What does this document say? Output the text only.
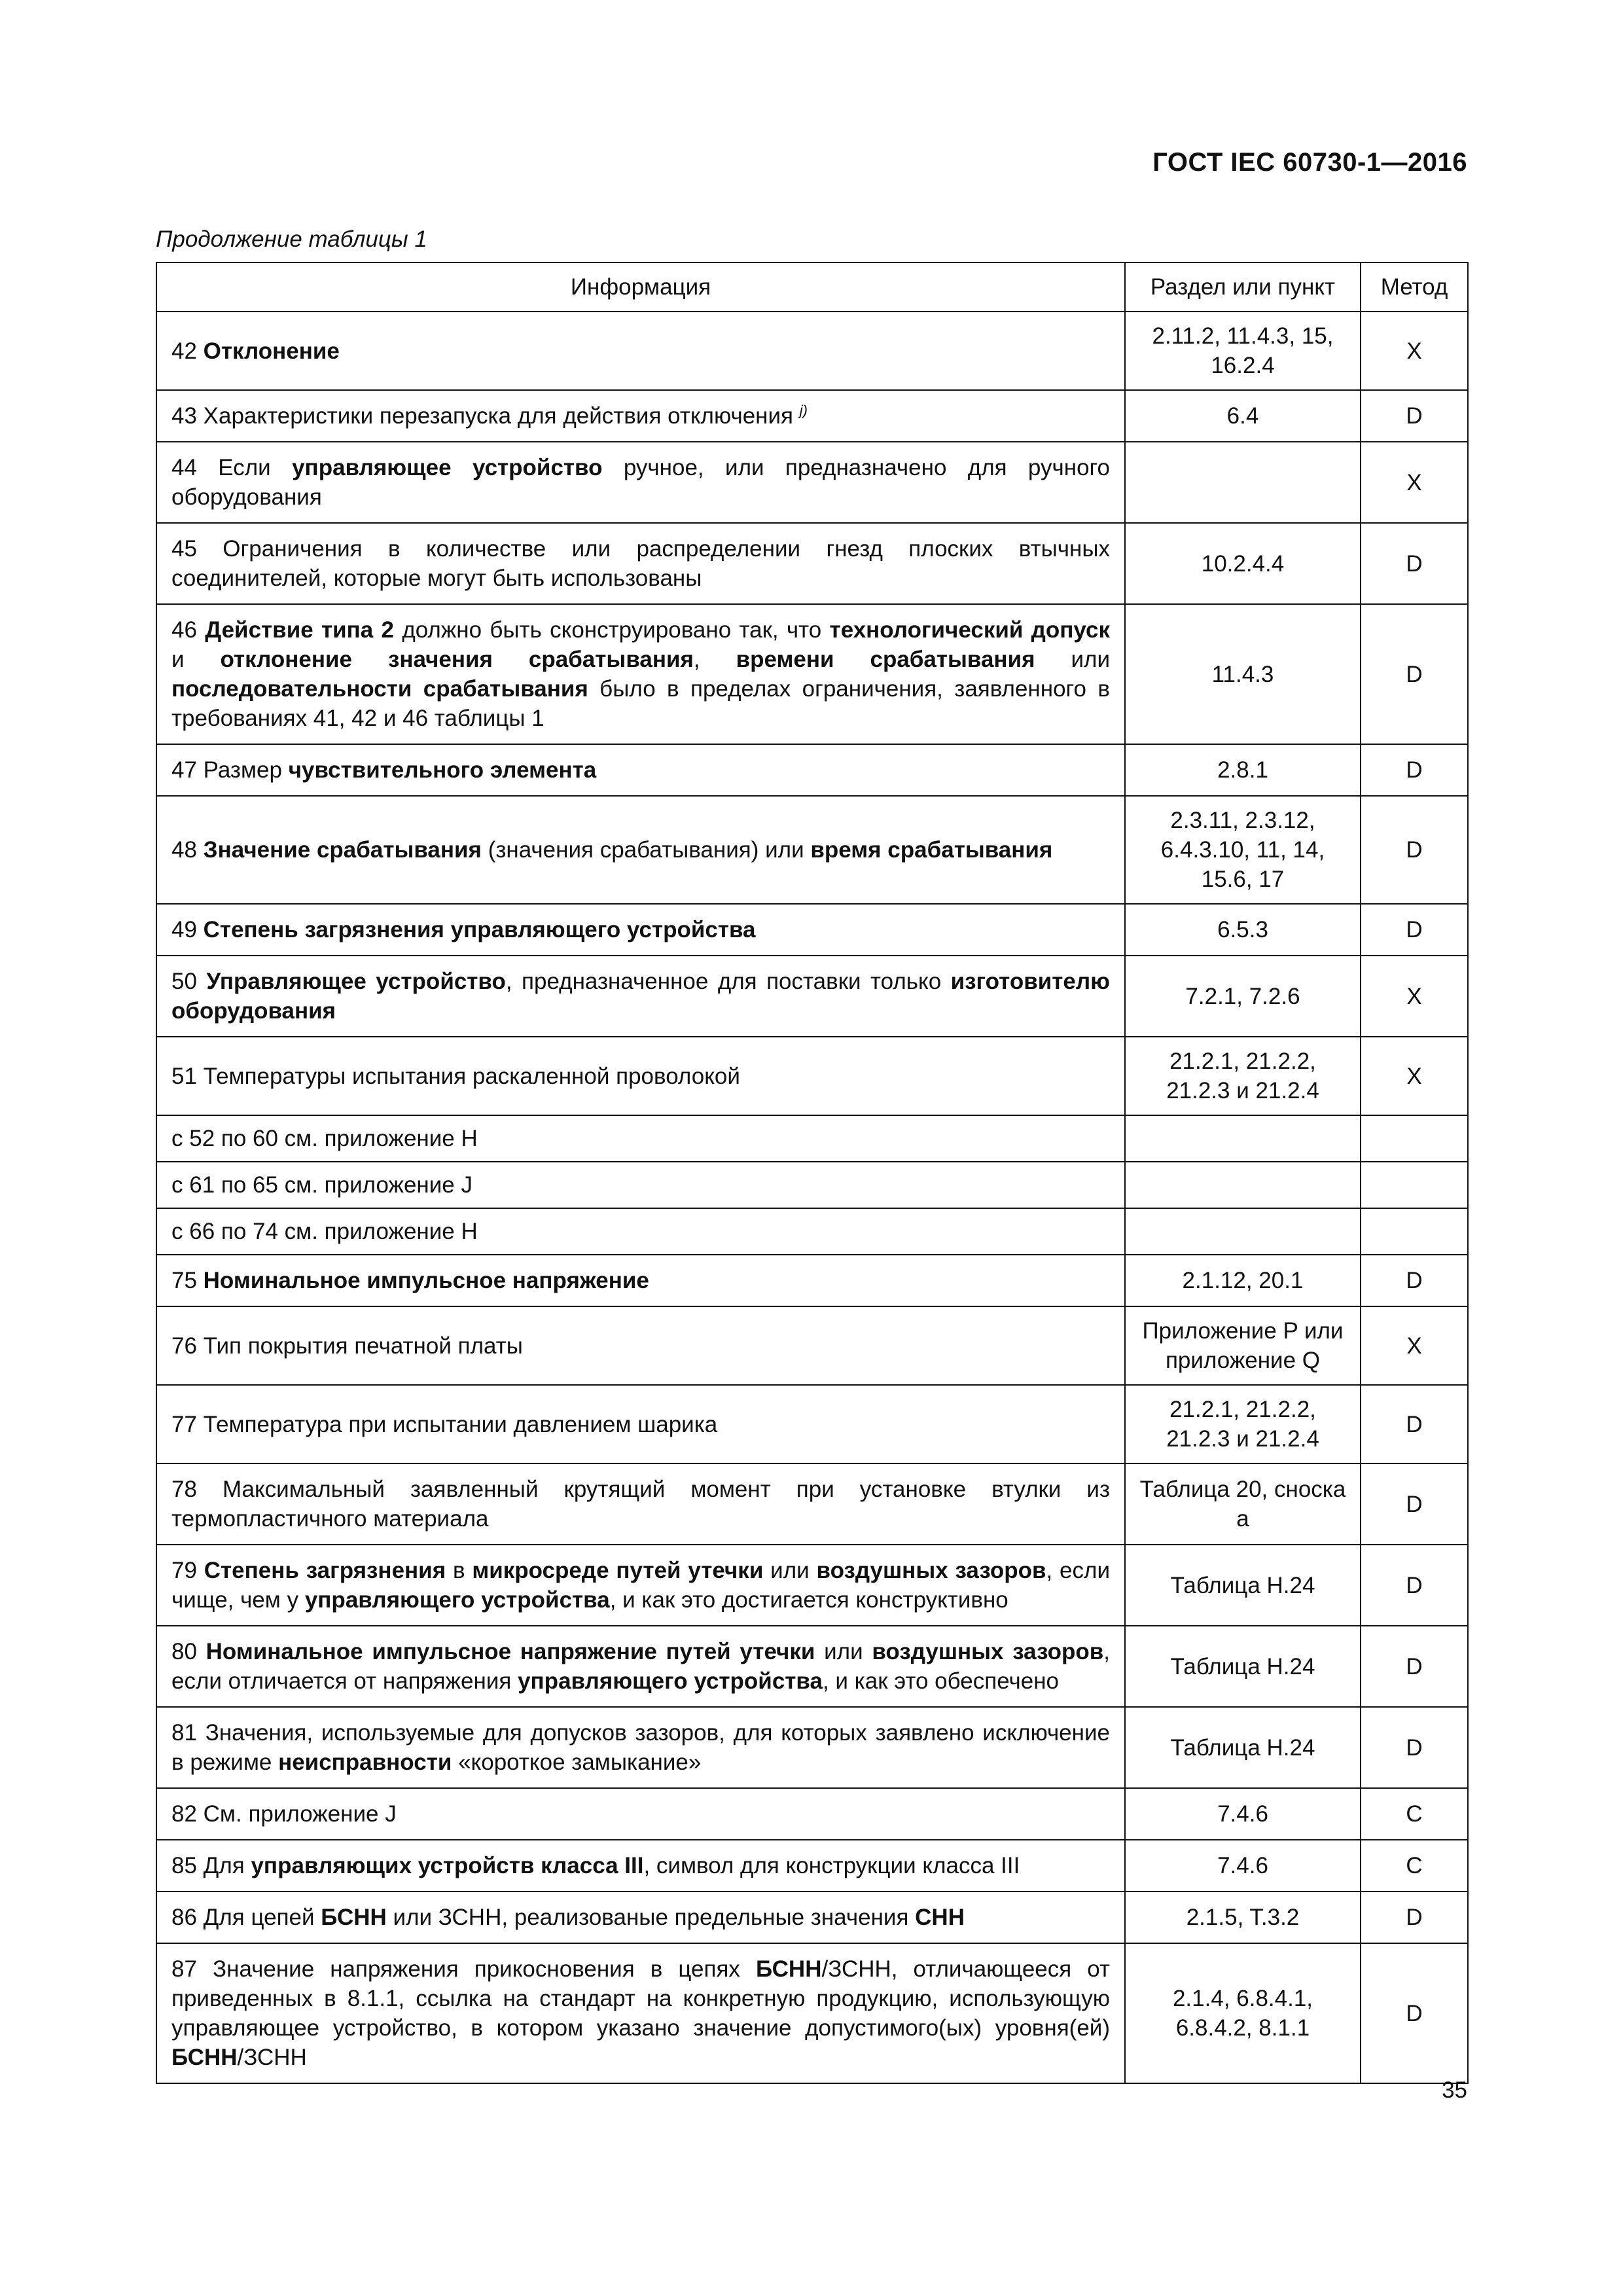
ГОСТ IEC 60730-1—2016
Продолжение таблицы 1
Информация	Раздел или пункт	Метод
42 Отклонение	2.11.2, 11.4.3, 15, 16.2.4	X
43 Характеристики перезапуска для действия отключения $^{j)}$	6.4	D
44 Если управляющее устройство ручное, или предназначено для ручного оборудования		X
45 Ограничения в количестве или распределении гнезд плоских втычных соединителей, которые могут быть использованы	10.2.4.4	D
46 Действие типа 2 должно быть сконструировано так, что технологический допуск и отклонение значения срабатывания, времени срабатывания или последовательности срабатывания было в пределах ограничения, заявленного в требованиях 41, 42 и 46 таблицы 1	11.4.3	D
47 Размер чувствительного элемента	2.8.1	D
48 Значение срабатывания (значения срабатывания) или время срабатывания	2.3.11, 2.3.12, 6.4.3.10, 11, 14, 15.6, 17	D
49 Степень загрязнения управляющего устройства	6.5.3	D
50 Управляющее устройство, предназначенное для поставки только изготовителю оборудования	7.2.1, 7.2.6	X
51 Температуры испытания раскаленной проволокой	21.2.1, 21.2.2, 21.2.3 и 21.2.4	X
с 52 по 60 см. приложение H		
с 61 по 65 см. приложение J		
с 66 по 74 см. приложение H		
75 Номинальное импульсное напряжение	2.1.12, 20.1	D
76 Тип покрытия печатной платы	Приложение P или приложение Q	X
77 Температура при испытании давлением шарика	21.2.1, 21.2.2, 21.2.3 и 21.2.4	D
78 Максимальный заявленный крутящий момент при установке втулки из термопластичного материала	Таблица 20, сноска a	D
79 Степень загрязнения в микросреде путей утечки или воздушных зазоров, если чище, чем у управляющего устройства, и как это достигается конструктивно	Таблица H.24	D
80 Номинальное импульсное напряжение путей утечки или воздушных зазоров, если отличается от напряжения управляющего устройства, и как это обеспечено	Таблица H.24	D
81 Значения, используемые для допусков зазоров, для которых заявлено исключение в режиме неисправности «короткое замыкание»	Таблица H.24	D
82 См. приложение J	7.4.6	C
85 Для управляющих устройств класса III, символ для конструкции класса III	7.4.6	C
86 Для цепей БСНН или ЗСНН, реализованые предельные значения СНН	2.1.5, T.3.2	D
87 Значение напряжения прикосновения в цепях БСНН/ЗСНН, отличающееся от приведенных в 8.1.1, ссылка на стандарт на конкретную продукцию, использующую управляющее устройство, в котором указано значение допустимого(ых) уровня(ей) БСНН/ЗСНН	2.1.4, 6.8.4.1, 6.8.4.2, 8.1.1	D
35
